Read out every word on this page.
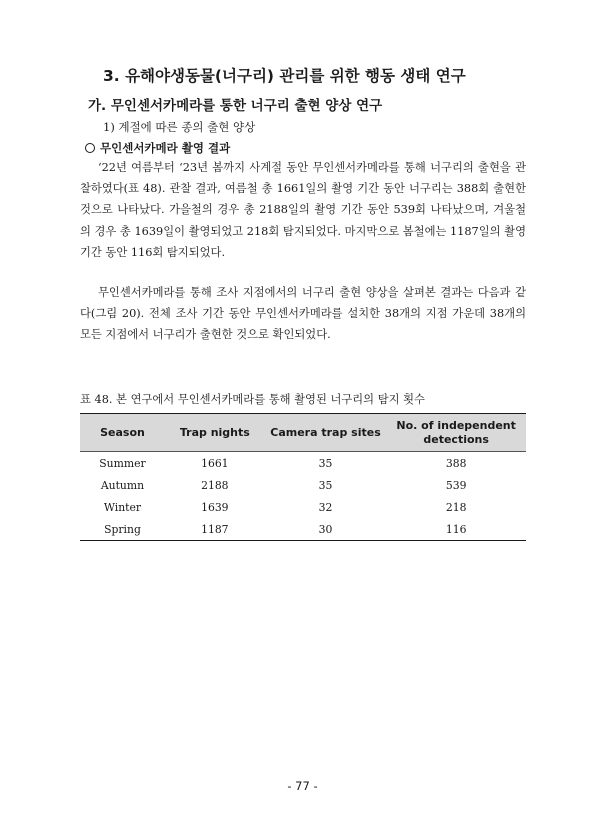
3. 유해야생동물(너구리) 관리를 위한 행동 생태 연구
가. 무인센서카메라를 통한 너구리 출현 양상 연구
1) 계절에 따른 종의 출현 양상
무인센서카메라 촬영 결과

‘22년 여름부터 ‘23년 봄까지 사계절 동안 무인센서카메라를 통해 너구리의 출현을 관찰하였다(표 48). 관찰 결과, 여름철 총 1661일의 촬영 기간 동안 너구리는 388회 출현한 것으로 나타났다. 가을철의 경우 총 2188일의 촬영 기간 동안 539회 나타났으며, 겨울철의 경우 총 1639일이 촬영되었고 218회 탐지되었다. 마지막으로 봄철에는 1187일의 촬영 기간 동안 116회 탐지되었다.

무인센서카메라를 통해 조사 지점에서의 너구리 출현 양상을 살펴본 결과는 다음과 같다(그림 20). 전체 조사 기간 동안 무인센서카메라를 설치한 38개의 지점 가운데 38개의 모든 지점에서 너구리가 출현한 것으로 확인되었다.

표 48. 본 연구에서 무인센서카메라를 통해 촬영된 너구리의 탐지 횟수
Season	Trap nights	Camera trap sites	No. of independent detections
Summer	1661	35	388
Autumn	2188	35	539
Winter	1639	32	218
Spring	1187	30	116
- 77 -
